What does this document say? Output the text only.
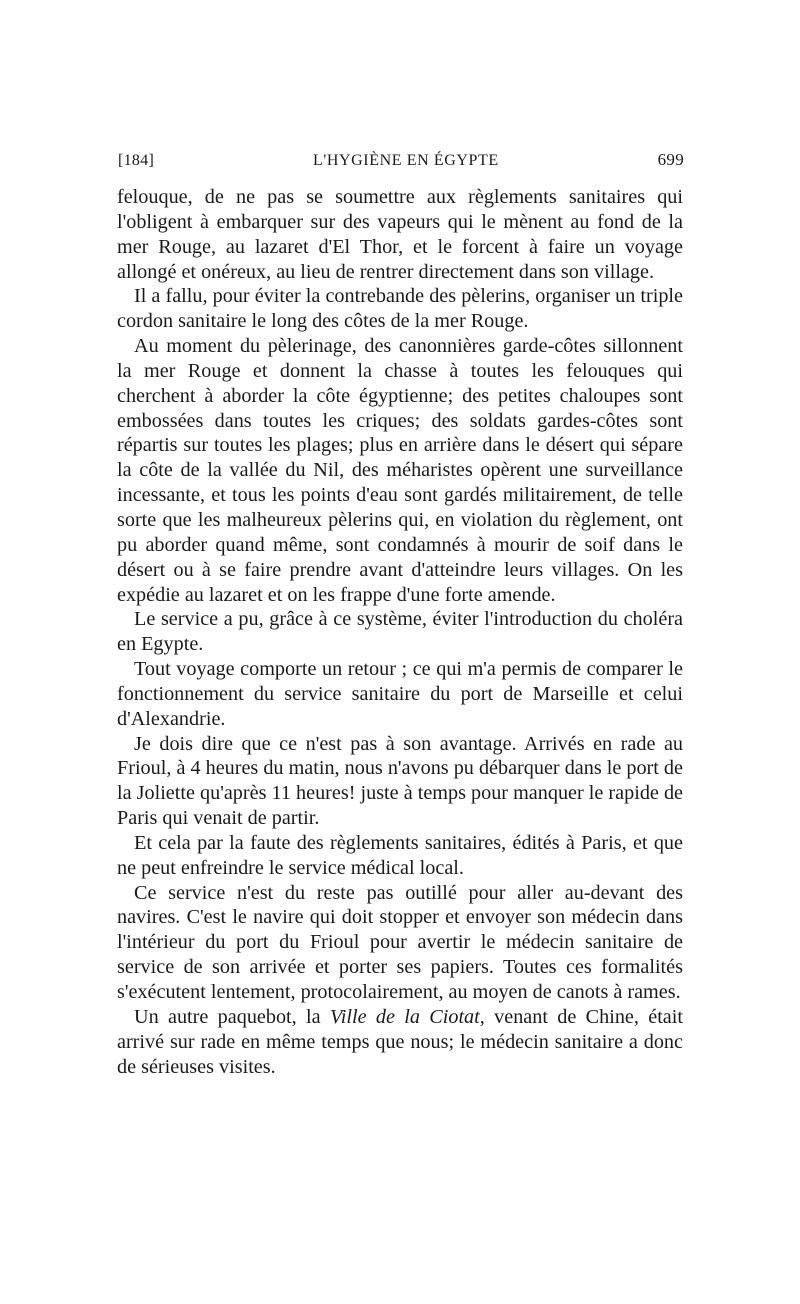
[184]	L'HYGIÈNE EN ÉGYPTE	699

felouque, de ne pas se soumettre aux règlements sanitaires qui l'obligent à embarquer sur des vapeurs qui le mènent au fond de la mer Rouge, au lazaret d'El Thor, et le forcent à faire un voyage allongé et onéreux, au lieu de rentrer directement dans son village.

Il a fallu, pour éviter la contrebande des pèlerins, organiser un triple cordon sanitaire le long des côtes de la mer Rouge.

Au moment du pèlerinage, des canonnières garde-côtes sillonnent la mer Rouge et donnent la chasse à toutes les felouques qui cherchent à aborder la côte égyptienne; des petites chaloupes sont embossées dans toutes les criques; des soldats gardes-côtes sont répartis sur toutes les plages; plus en arrière dans le désert qui sépare la côte de la vallée du Nil, des méharistes opèrent une surveillance incessante, et tous les points d'eau sont gardés militairement, de telle sorte que les malheureux pèlerins qui, en violation du règlement, ont pu aborder quand même, sont condamnés à mourir de soif dans le désert ou à se faire prendre avant d'atteindre leurs villages. On les expédie au lazaret et on les frappe d'une forte amende.

Le service a pu, grâce à ce système, éviter l'introduction du choléra en Egypte.

Tout voyage comporte un retour ; ce qui m'a permis de comparer le fonctionnement du service sanitaire du port de Marseille et celui d'Alexandrie.

Je dois dire que ce n'est pas à son avantage. Arrivés en rade au Frioul, à 4 heures du matin, nous n'avons pu débarquer dans le port de la Joliette qu'après 11 heures! juste à temps pour manquer le rapide de Paris qui venait de partir.

Et cela par la faute des règlements sanitaires, édités à Paris, et que ne peut enfreindre le service médical local.

Ce service n'est du reste pas outillé pour aller au-devant des navires. C'est le navire qui doit stopper et envoyer son médecin dans l'intérieur du port du Frioul pour avertir le médecin sanitaire de service de son arrivée et porter ses papiers. Toutes ces formalités s'exécutent lentement, protocolairement, au moyen de canots à rames.

Un autre paquebot, la Ville de la Ciotat, venant de Chine, était arrivé sur rade en même temps que nous; le médecin sanitaire a donc de sérieuses visites.
